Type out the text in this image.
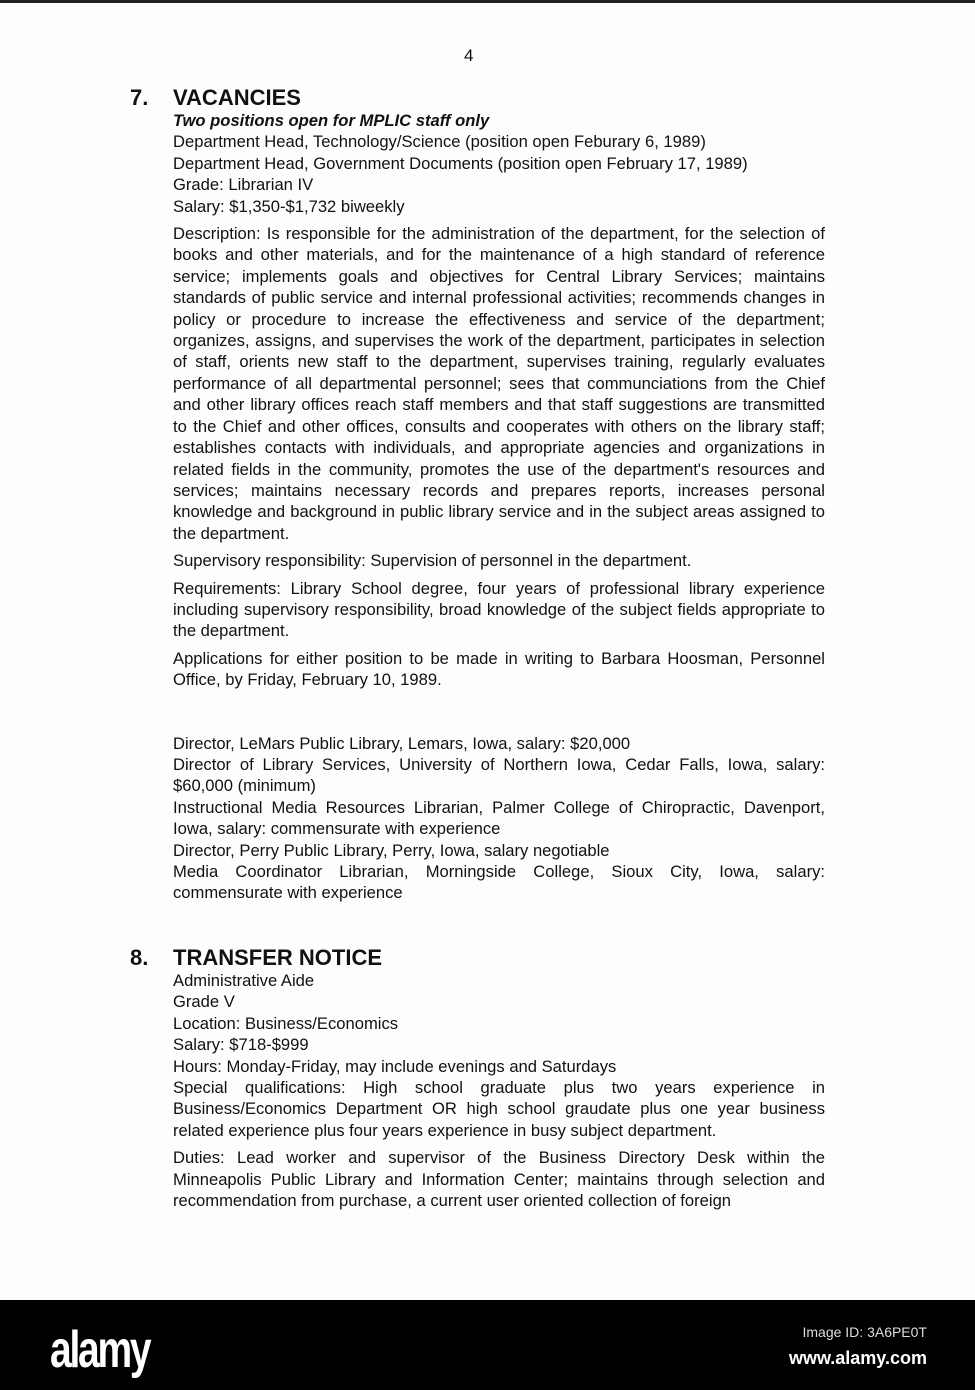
4
7.	VACANCIES

Two positions open for MPLIC staff only

Department Head, Technology/Science (position open Feburary 6, 1989)

Department Head, Government Documents (position open February 17, 1989)

Grade: Librarian IV

Salary: $1,350-$1,732 biweekly

Description: Is responsible for the administration of the department, for the selection of books and other materials, and for the maintenance of a high standard of reference service; implements goals and objectives for Central Library Services; maintains standards of public service and internal professional activities; recommends changes in policy or procedure to increase the effectiveness and service of the department; organizes, assigns, and supervises the work of the department, participates in selection of staff, orients new staff to the department, supervises training, regularly evaluates performance of all departmental personnel; sees that communciations from the Chief and other library offices reach staff members and that staff suggestions are transmitted to the Chief and other offices, consults and cooperates with others on the library staff; establishes contacts with individuals, and appropriate agencies and organizations in related fields in the community, promotes the use of the department's resources and services; maintains necessary records and prepares reports, increases personal knowledge and background in public library service and in the subject areas assigned to the department.

Supervisory responsibility: Supervision of personnel in the department.

Requirements: Library School degree, four years of professional library experience including supervisory responsibility, broad knowledge of the subject fields appropriate to the department.

Applications for either position to be made in writing to Barbara Hoosman, Personnel Office, by Friday, February 10, 1989.

Director, LeMars Public Library, Lemars, Iowa, salary: $20,000

Director of Library Services, University of Northern Iowa, Cedar Falls, Iowa, salary: $60,000 (minimum)

Instructional Media Resources Librarian, Palmer College of Chiropractic, Davenport, Iowa, salary: commensurate with experience

Director, Perry Public Library, Perry, Iowa, salary negotiable

Media Coordinator Librarian, Morningside College, Sioux City, Iowa, salary: commensurate with experience

8.	TRANSFER NOTICE

Administrative Aide

Grade V

Location: Business/Economics

Salary: $718-$999

Hours: Monday-Friday, may include evenings and Saturdays

Special qualifications: High school graduate plus two years experience in Business/Economics Department OR high school graudate plus one year business related experience plus four years experience in busy subject department.

Duties: Lead worker and supervisor of the Business Directory Desk within the Minneapolis Public Library and Information Center; maintains through selection and recommendation from purchase, a current user oriented collection of foreign

alamy	Image ID: 3A6PE0T
www.alamy.com
